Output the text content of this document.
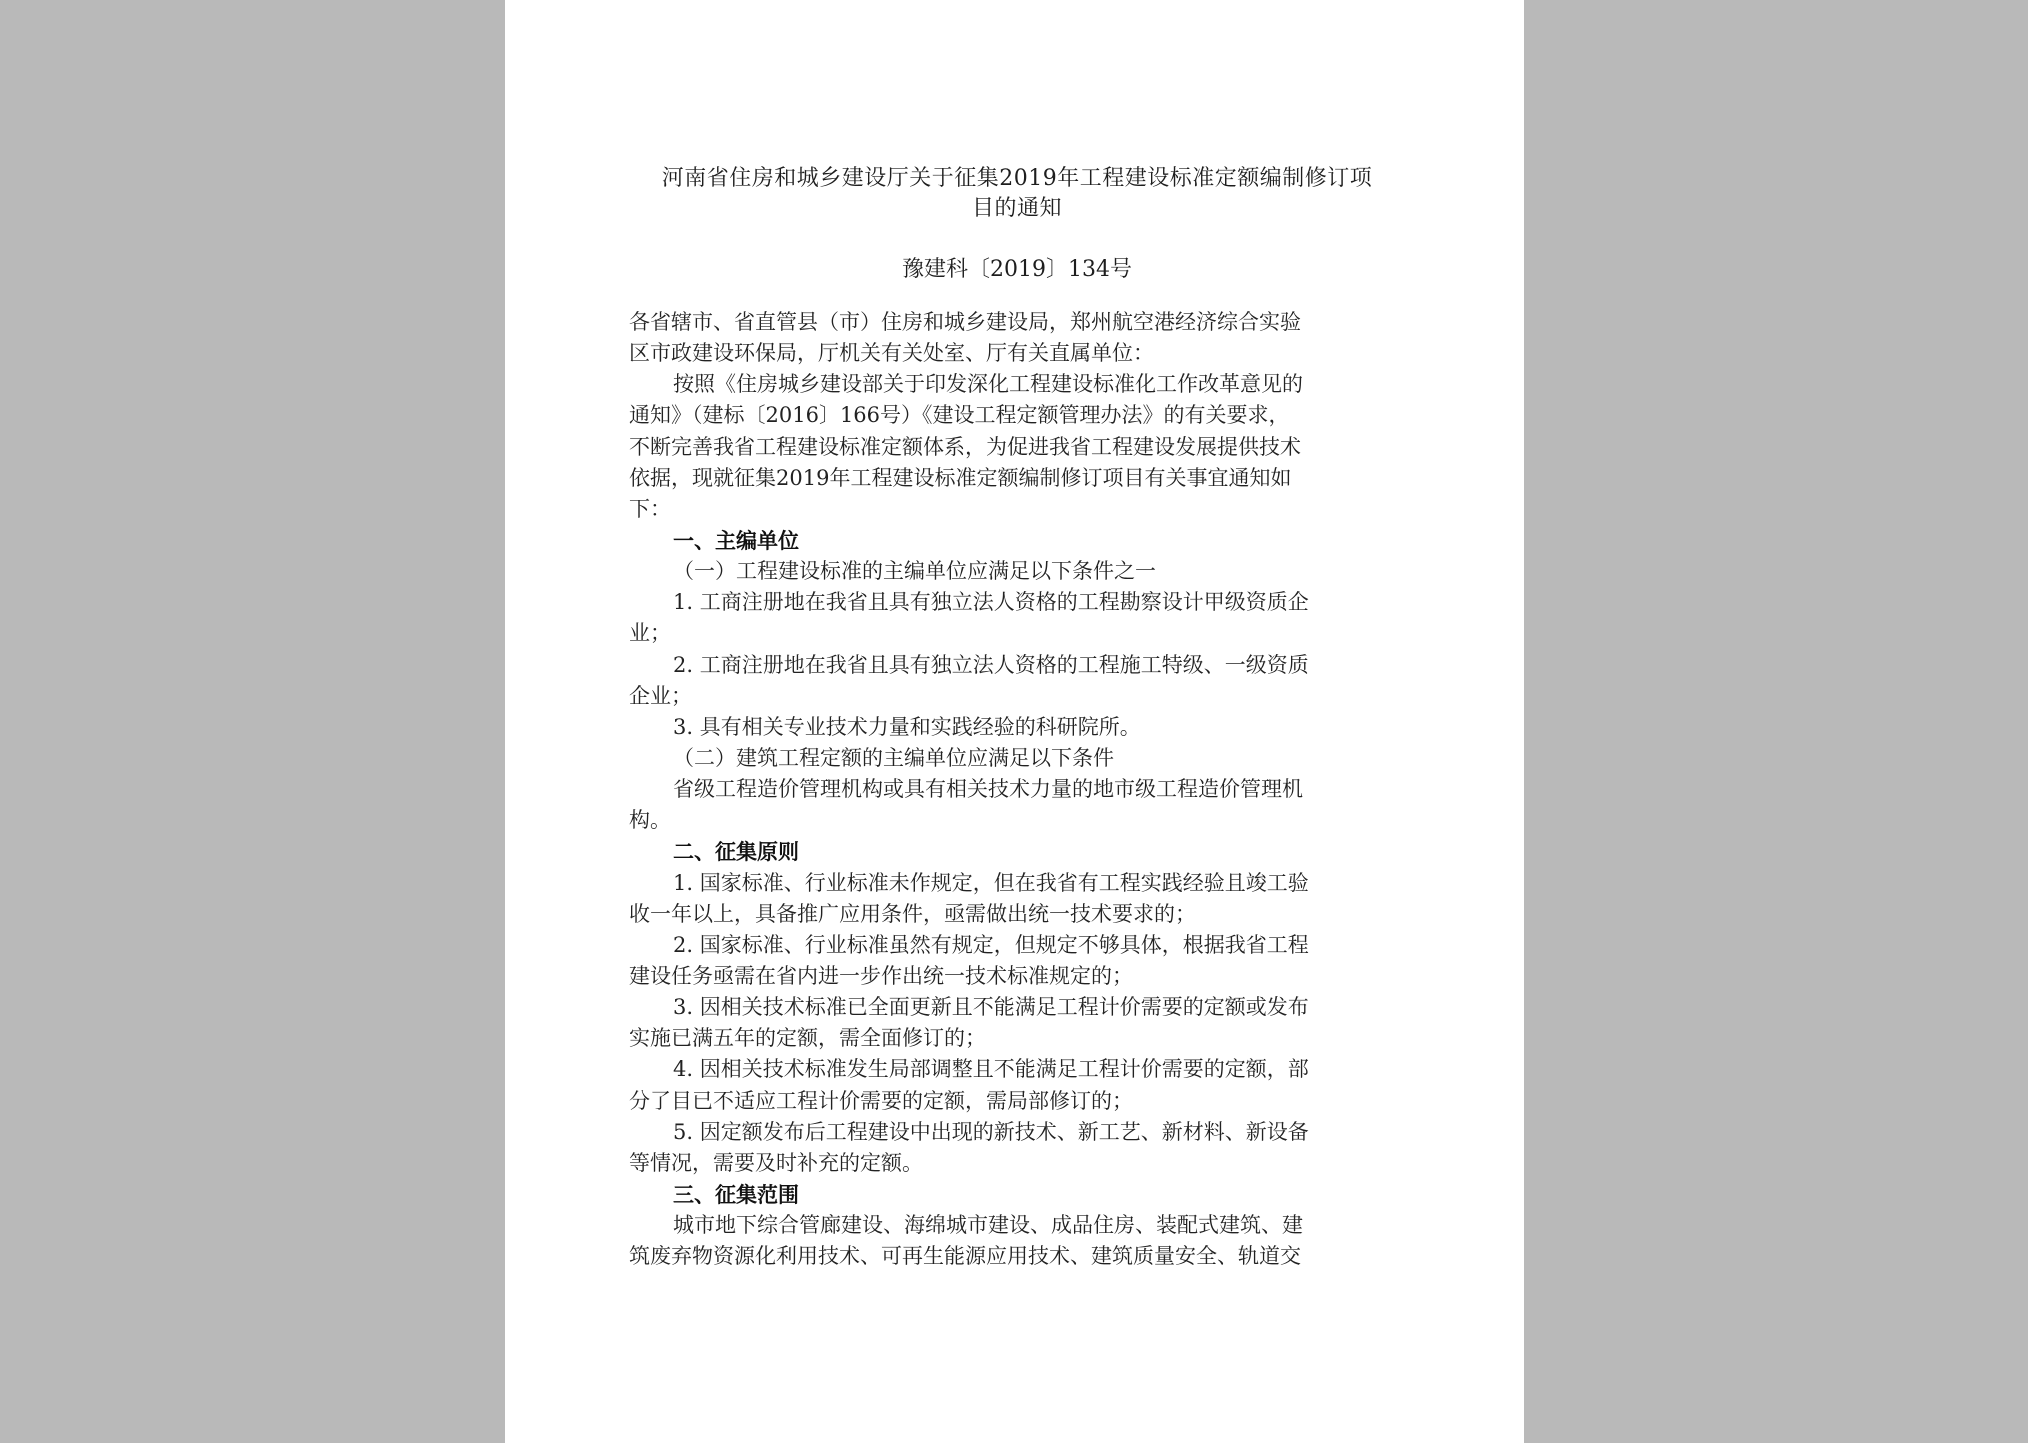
河南省住房和城乡建设厅关于征集2019年工程建设标准定额编制修订项
目的通知
豫建科〔2019〕134号
各省辖市、省直管县（市）住房和城乡建设局，郑州航空港经济综合实验
区市政建设环保局，厅机关有关处室、厅有关直属单位：
按照《住房城乡建设部关于印发深化工程建设标准化工作改革意见的
通知》（建标〔2016〕166号）《建设工程定额管理办法》的有关要求，
不断完善我省工程建设标准定额体系，为促进我省工程建设发展提供技术
依据，现就征集2019年工程建设标准定额编制修订项目有关事宜通知如
下：
一、主编单位
（一）工程建设标准的主编单位应满足以下条件之一
1. 工商注册地在我省且具有独立法人资格的工程勘察设计甲级资质企
业；
2. 工商注册地在我省且具有独立法人资格的工程施工特级、一级资质
企业；
3. 具有相关专业技术力量和实践经验的科研院所。
（二）建筑工程定额的主编单位应满足以下条件
省级工程造价管理机构或具有相关技术力量的地市级工程造价管理机
构。
二、征集原则
1. 国家标准、行业标准未作规定，但在我省有工程实践经验且竣工验
收一年以上，具备推广应用条件，亟需做出统一技术要求的；
2. 国家标准、行业标准虽然有规定，但规定不够具体，根据我省工程
建设任务亟需在省内进一步作出统一技术标准规定的；
3. 因相关技术标准已全面更新且不能满足工程计价需要的定额或发布
实施已满五年的定额，需全面修订的；
4. 因相关技术标准发生局部调整且不能满足工程计价需要的定额，部
分了目已不适应工程计价需要的定额，需局部修订的；
5. 因定额发布后工程建设中出现的新技术、新工艺、新材料、新设备
等情况，需要及时补充的定额。
三、征集范围
城市地下综合管廊建设、海绵城市建设、成品住房、装配式建筑、建
筑废弃物资源化利用技术、可再生能源应用技术、建筑质量安全、轨道交
